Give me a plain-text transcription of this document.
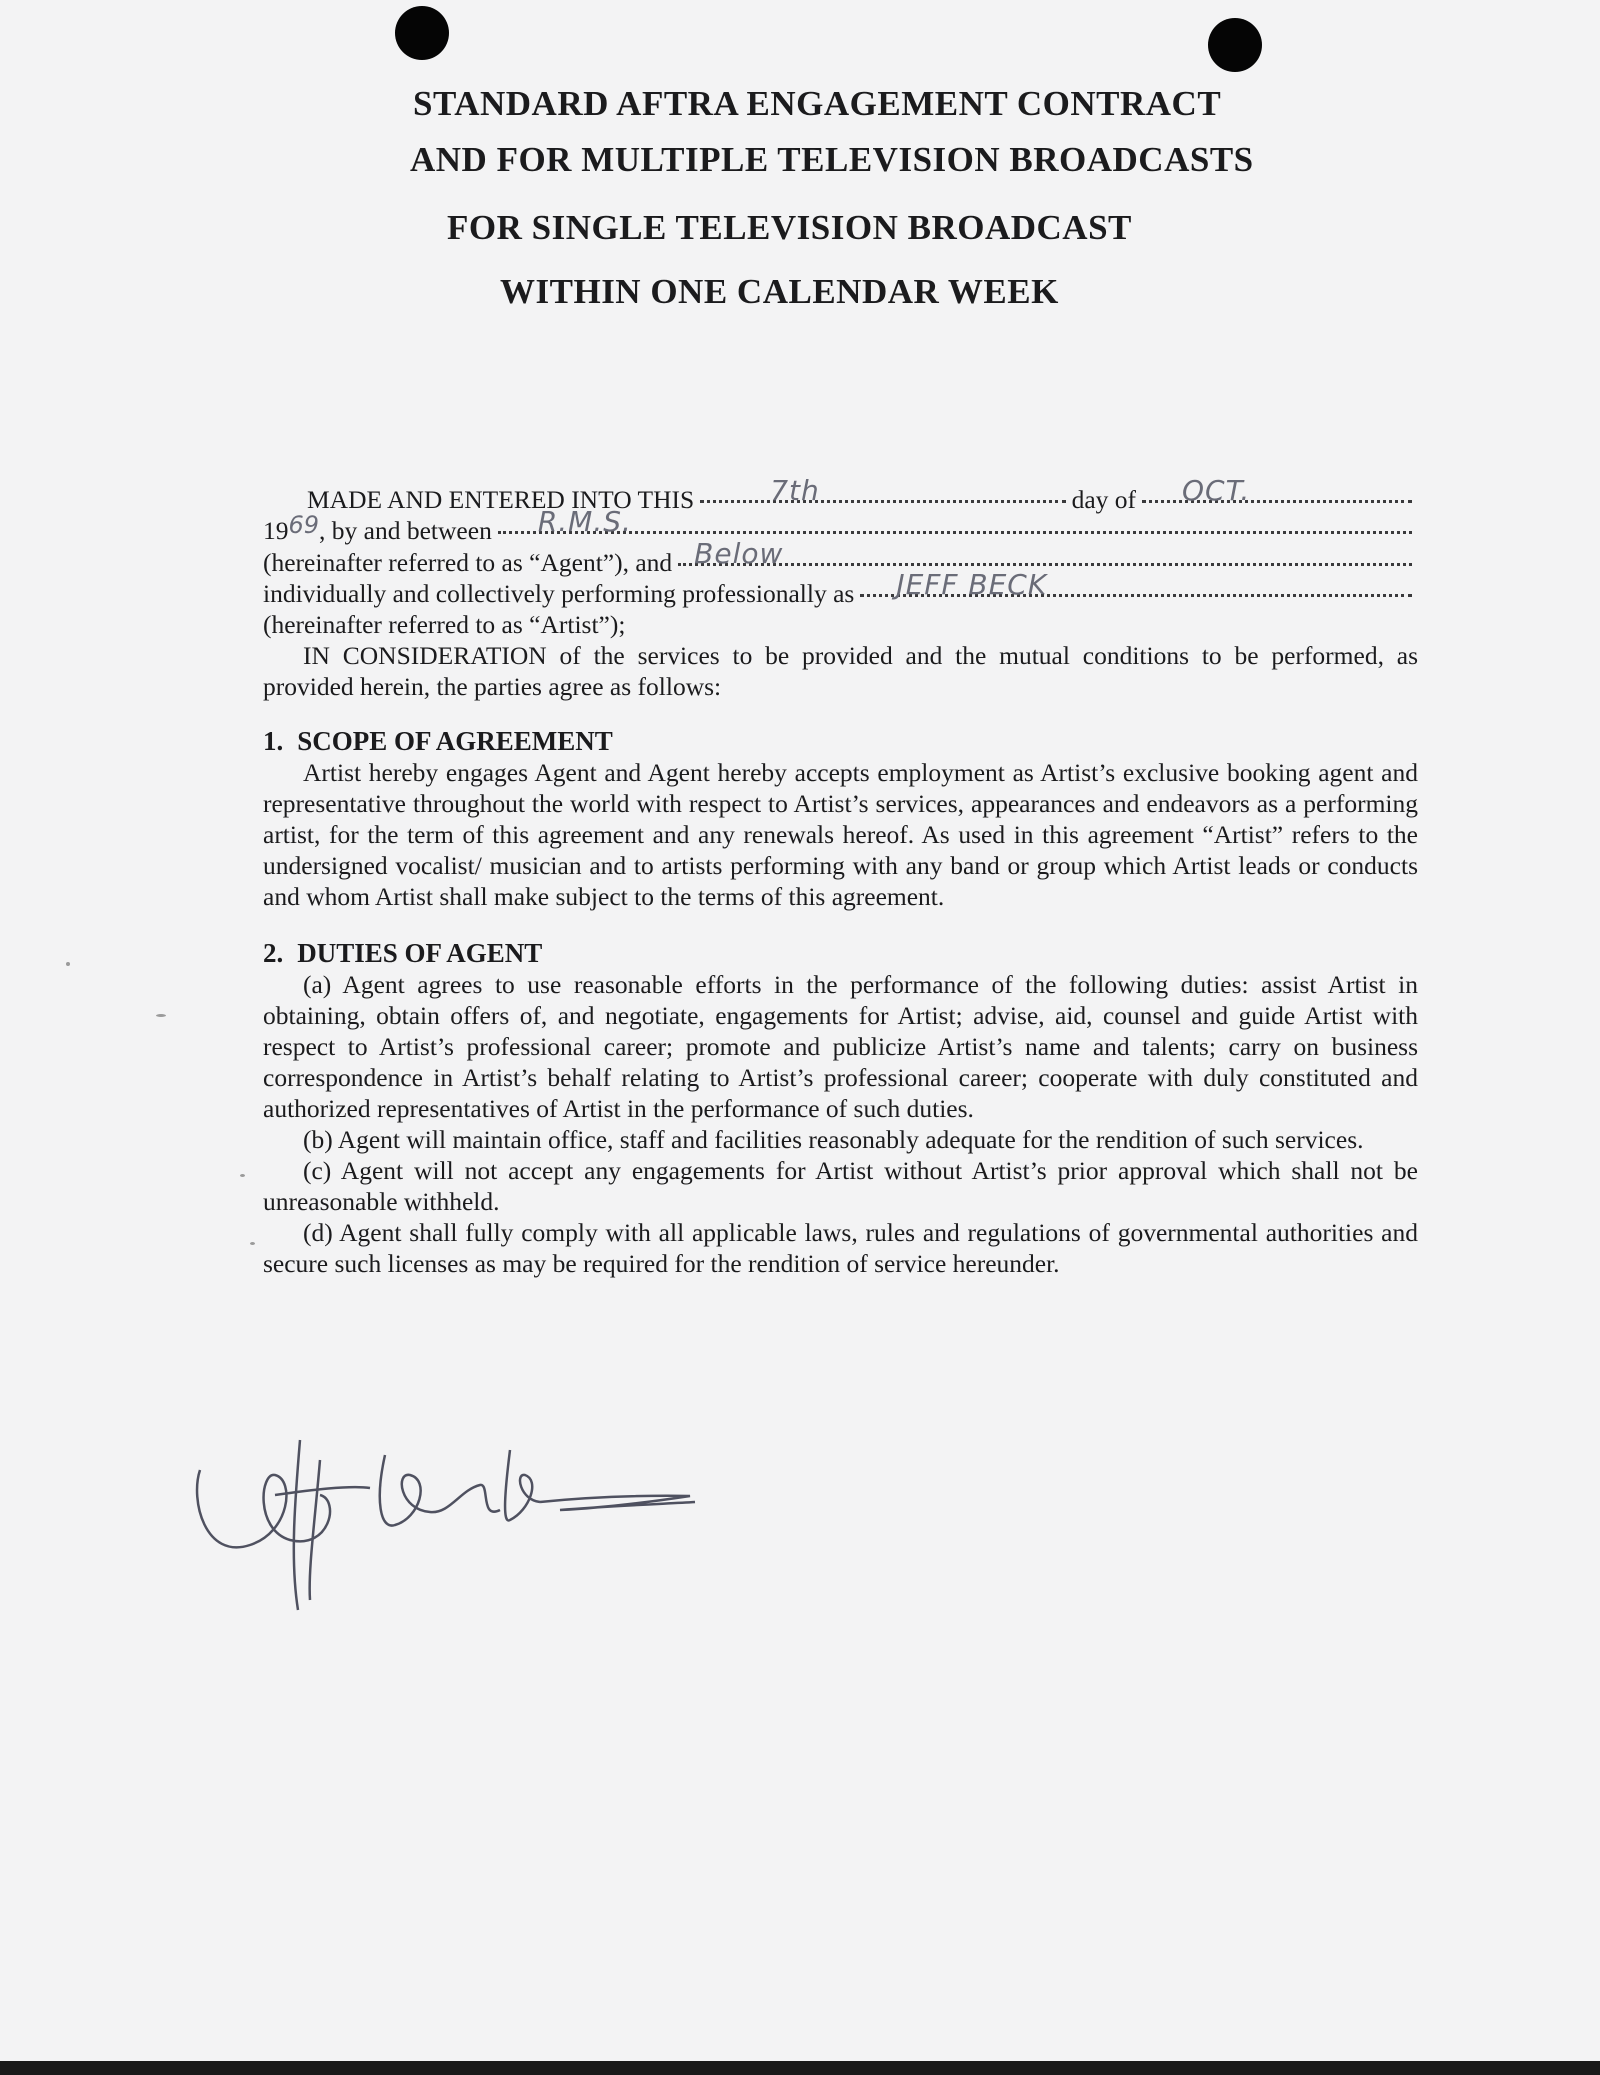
STANDARD AFTRA ENGAGEMENT CONTRACT
AND FOR MULTIPLE TELEVISION BROADCASTS
FOR SINGLE TELEVISION BROADCAST
WITHIN ONE CALENDAR WEEK
MADE AND ENTERED INTO THIS	7th	day of OCT.
19 69 , by and between R.M.S.
(hereinafter referred to as “Agent”), and Below
individually and collectively performing professionally as JEFF BECK

(hereinafter referred to as “Artist”);

IN CONSIDERATION of the services to be provided and the mutual conditions to be performed, as provided herein, the parties agree as follows:

1. SCOPE OF AGREEMENT

Artist hereby engages Agent and Agent hereby accepts employment as Artist’s exclusive booking agent and representative throughout the world with respect to Artist’s services, appearances and endeavors as a performing artist, for the term of this agreement and any renewals hereof. As used in this agreement “Artist” refers to the undersigned vocalist/ musician and to artists performing with any band or group which Artist leads or conducts and whom Artist shall make subject to the terms of this agreement.

2. DUTIES OF AGENT

(a) Agent agrees to use reasonable efforts in the performance of the following duties: assist Artist in obtaining, obtain offers of, and negotiate, engagements for Artist; advise, aid, counsel and guide Artist with respect to Artist’s professional career; promote and publicize Artist’s name and talents; carry on business correspondence in Artist’s behalf relating to Artist’s professional career; cooperate with duly constituted and authorized representatives of Artist in the performance of such duties.

(b) Agent will maintain office, staff and facilities reasonably adequate for the rendition of such services.

(c) Agent will not accept any engagements for Artist without Artist’s prior approval which shall not be unreasonable withheld.

(d) Agent shall fully comply with all applicable laws, rules and regulations of governmental authorities and secure such licenses as may be required for the rendition of service hereunder.
